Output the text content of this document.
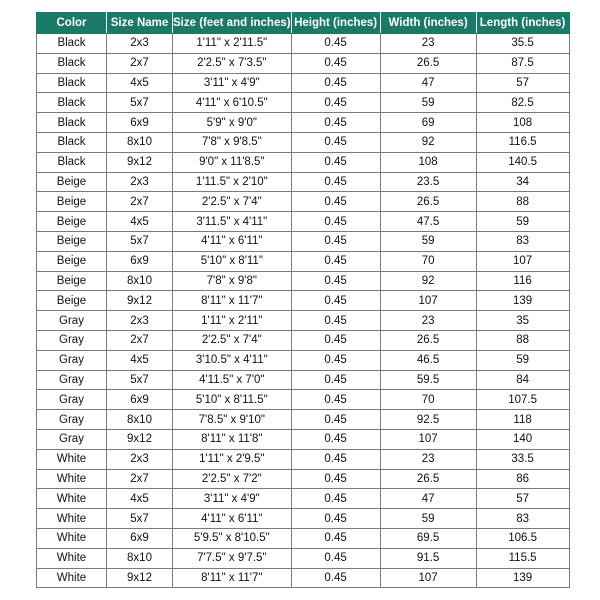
Color	Size Name	Size (feet and inches)	Height (inches)	Width (inches)	Length (inches)
Black	2x3	1'11" x 2'11.5"	0.45	23	35.5
Black	2x7	2'2.5" x 7'3.5"	0.45	26.5	87.5
Black	4x5	3'11" x 4'9"	0.45	47	57
Black	5x7	4'11" x 6'10.5"	0.45	59	82.5
Black	6x9	5'9" x 9'0"	0.45	69	108
Black	8x10	7'8" x 9'8.5"	0.45	92	116.5
Black	9x12	9'0" x 11'8.5"	0.45	108	140.5
Beige	2x3	1'11.5" x 2'10"	0.45	23.5	34
Beige	2x7	2'2.5" x 7'4"	0.45	26.5	88
Beige	4x5	3'11.5" x 4'11"	0.45	47.5	59
Beige	5x7	4'11" x 6'11"	0.45	59	83
Beige	6x9	5'10" x 8'11"	0.45	70	107
Beige	8x10	7'8" x 9'8"	0.45	92	116
Beige	9x12	8'11" x 11'7"	0.45	107	139
Gray	2x3	1'11" x 2'11"	0.45	23	35
Gray	2x7	2'2.5" x 7'4"	0.45	26.5	88
Gray	4x5	3'10.5" x 4'11"	0.45	46.5	59
Gray	5x7	4'11.5" x 7'0"	0.45	59.5	84
Gray	6x9	5'10" x 8'11.5"	0.45	70	107.5
Gray	8x10	7'8.5" x 9'10"	0.45	92.5	118
Gray	9x12	8'11" x 11'8"	0.45	107	140
White	2x3	1'11" x 2'9.5"	0.45	23	33.5
White	2x7	2'2.5" x 7'2"	0.45	26.5	86
White	4x5	3'11" x 4'9"	0.45	47	57
White	5x7	4'11" x 6'11"	0.45	59	83
White	6x9	5'9.5" x 8'10.5"	0.45	69.5	106.5
White	8x10	7'7.5" x 9'7.5"	0.45	91.5	115.5
White	9x12	8'11" x 11'7"	0.45	107	139
